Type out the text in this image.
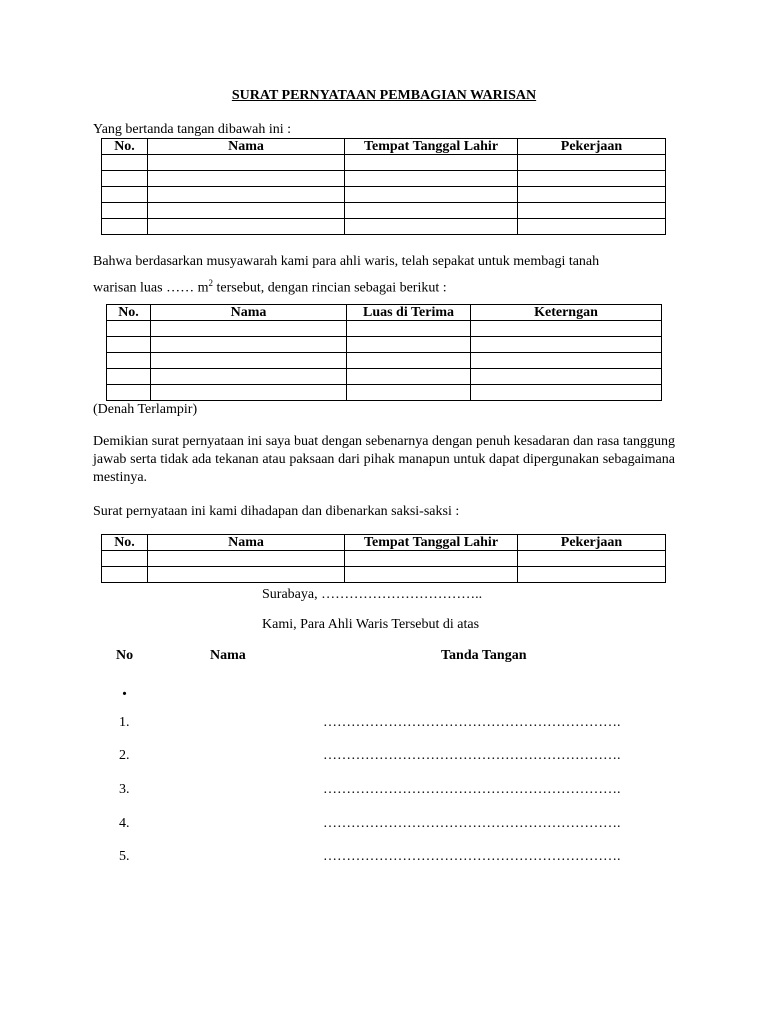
SURAT PERNYATAAN PEMBAGIAN WARISAN
Yang bertanda tangan dibawah ini :
No.	Nama	Tempat Tanggal Lahir	Pekerjaan

Bahwa berdasarkan musyawarah kami para ahli waris, telah sepakat untuk membagi tanah
warisan luas …… $m^2$ tersebut, dengan rincian sebagai berikut :
No.	Nama	Luas di Terima	Keterngan

(Denah Terlampir)
Demikian surat pernyataan ini saya buat dengan sebenarnya dengan penuh kesadaran dan rasa tanggung jawab serta tidak ada tekanan atau paksaan dari pihak manapun untuk dapat dipergunakan sebagaimana mestinya.
Surat pernyataan ini kami dihadapan dan dibenarkan saksi-saksi :
No.	Nama	Tempat Tanggal Lahir	Pekerjaan

Surabaya, ……………………………..
Kami, Para Ahli Waris Tersebut di atas
No	Nama	Tanda Tangan
.
1.	……………………………………………………….
2.	……………………………………………………….
3.	……………………………………………………….
4.	……………………………………………………….
5.	……………………………………………………….
